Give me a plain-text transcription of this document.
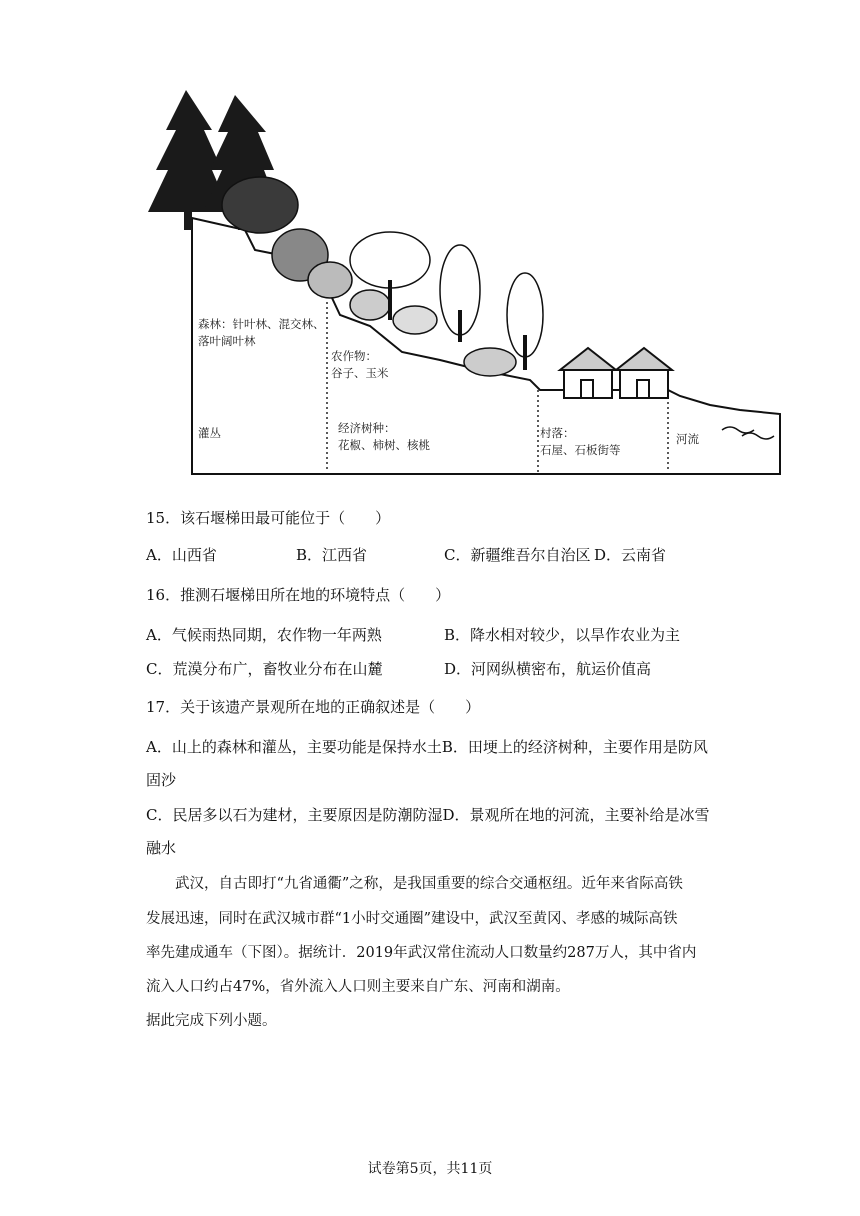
森林：针叶林、混交林、
落叶阔叶林
灌丛
农作物：
谷子、玉米
经济树种：
花椒、柿树、核桃
村落：
石屋、石板街等
河流
15．该石堰梯田最可能位于（　　）
A．山西省	B．江西省	C．新疆维吾尔自治区 D．云南省
16．推测石堰梯田所在地的环境特点（　　）
A．气候雨热同期，农作物一年两熟	B．降水相对较少，以旱作农业为主
C．荒漠分布广，畜牧业分布在山麓	D．河网纵横密布，航运价值高
17．关于该遗产景观所在地的正确叙述是（　　）
A．山上的森林和灌丛，主要功能是保持水土B．田埂上的经济树种，主要作用是防风
固沙
C．民居多以石为建材，主要原因是防潮防湿D．景观所在地的河流，主要补给是冰雪
融水
　　武汉，自古即打“九省通衢”之称，是我国重要的综合交通枢纽。近年来省际高铁
发展迅速，同时在武汉城市群“1小时交通圈”建设中，武汉至黄冈、孝感的城际高铁
率先建成通车（下图）。据统计．2019年武汉常住流动人口数量约287万人，其中省内
流入人口约占47%，省外流入人口则主要来自广东、河南和湖南。
据此完成下列小题。
试卷第5页，共11页
